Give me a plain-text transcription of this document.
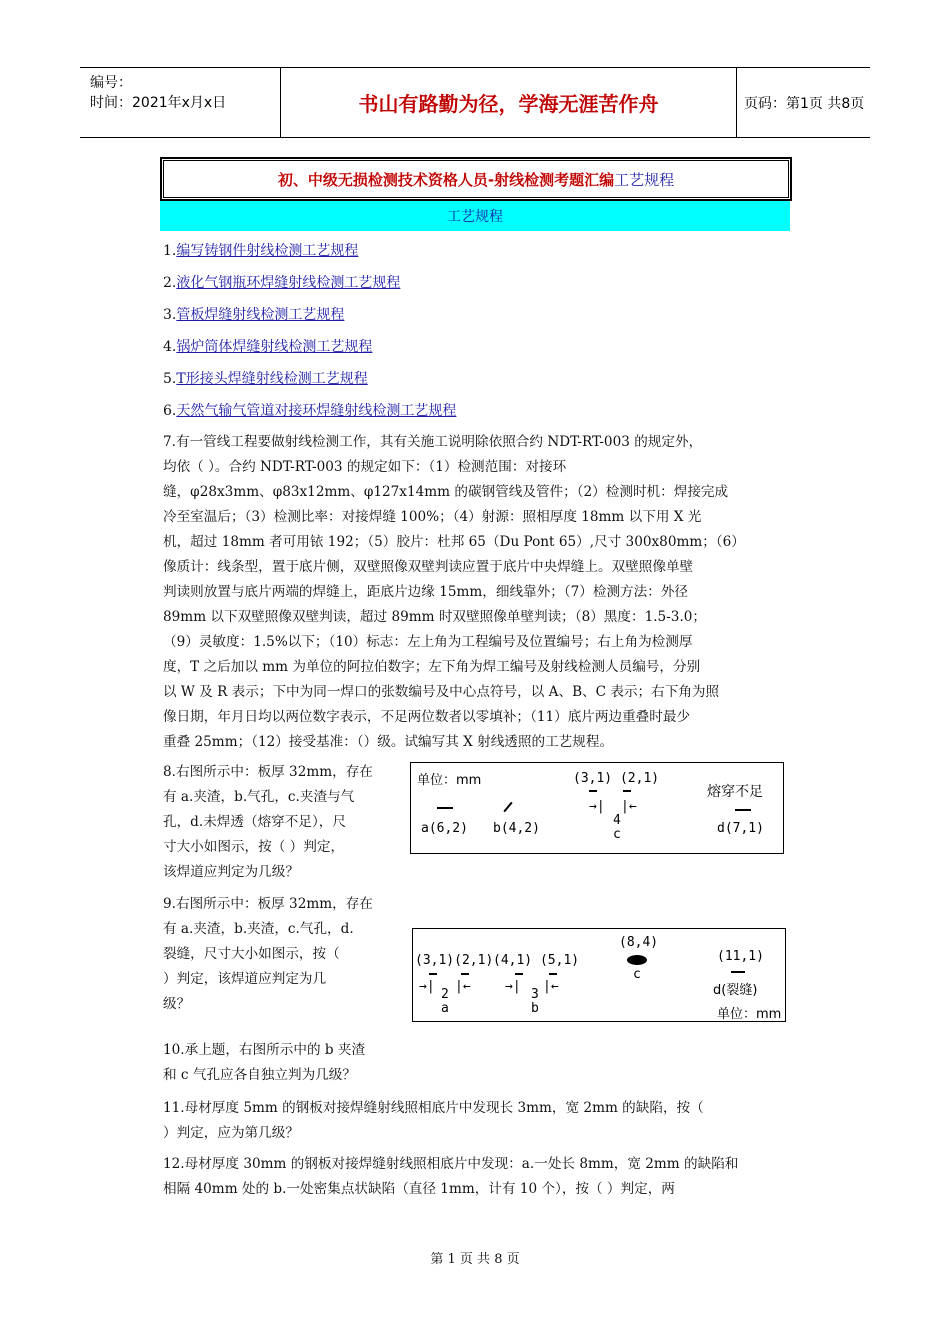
编号：
时间：2021年x月x日	书山有路勤为径，学海无涯苦作舟	页码：第1页 共8页
初、中级无损检测技术资格人员-射线检测考题汇编 工艺规程
工艺规程
1.编写铸钢件射线检测工艺规程
2.液化气钢瓶环焊缝射线检测工艺规程
3.管板焊缝射线检测工艺规程
4.锅炉筒体焊缝射线检测工艺规程
5.T形接头焊缝射线检测工艺规程
6.天然气输气管道对接环焊缝射线检测工艺规程
7.有一管线工程要做射线检测工作，其有关施工说明除依照合约 NDT-RT-003 的规定外，
均依（ ）。合约 NDT-RT-003 的规定如下：（1）检测范围：对接环
缝，φ28x3mm、φ83x12mm、φ127x14mm 的碳钢管线及管件；（2）检测时机：焊接完成
冷至室温后；（3）检测比率：对接焊缝 100%；（4）射源：照相厚度 18mm 以下用 X 光
机，超过 18mm 者可用铱 192；（5）胶片：杜邦 65（Du Pont 65）,尺寸 300x80mm；（6）
像质计：线条型，置于底片侧，双壁照像双壁判读应置于底片中央焊缝上。双壁照像单壁
判读则放置与底片两端的焊缝上，距底片边缘 15mm，细线靠外；（7）检测方法：外径
89mm 以下双壁照像双壁判读，超过 89mm 时双壁照像单壁判读；（8）黑度：1.5-3.0；
（9）灵敏度：1.5%以下；（10）标志：左上角为工程编号及位置编号；右上角为检测厚
度，T 之后加以 mm 为单位的阿拉伯数字；左下角为焊工编号及射线检测人员编号，分别
以 W 及 R 表示；下中为同一焊口的张数编号及中心点符号，以 A、B、C 表示；右下角为照
像日期，年月日均以两位数字表示，不足两位数者以零填补；（11）底片两边重叠时最少
重叠 25mm；（12）接受基准：（）级。试编写其 X 射线透照的工艺规程。
8.右图所示中：板厚 32mm，存在
有 a.夹渣，b.气孔，c.夹渣与气
孔，d.未焊透（熔穿不足），尺
寸大小如图示，按（ ）判定，
该焊道应判定为几级？
单位：mm
a(6,2) b(4,2)
(3,1) (2,1)
→| |←
4
c
熔穿不足
d(7,1)
9.右图所示中：板厚 32mm，存在
有 a.夹渣，b.夹渣，c.气孔，d.
裂缝，尺寸大小如图示，按（
）判定，该焊道应判定为几
级？
(3,1)(2,1)
→|
2
|←
a
(4,1) (5,1)
→|
3
|←
b
(8,4)
c
(11,1)
d(裂缝)
单位：mm
10.承上题，右图所示中的 b 夹渣
和 c 气孔应各自独立判为几级？
11.母材厚度 5mm 的钢板对接焊缝射线照相底片中发现长 3mm，宽 2mm 的缺陷，按（
）判定，应为第几级？
12.母材厚度 30mm 的钢板对接焊缝射线照相底片中发现：a.一处长 8mm，宽 2mm 的缺陷和
相隔 40mm 处的 b.一处密集点状缺陷（直径 1mm，计有 10 个），按（ ）判定，两
第 1 页 共 8 页
